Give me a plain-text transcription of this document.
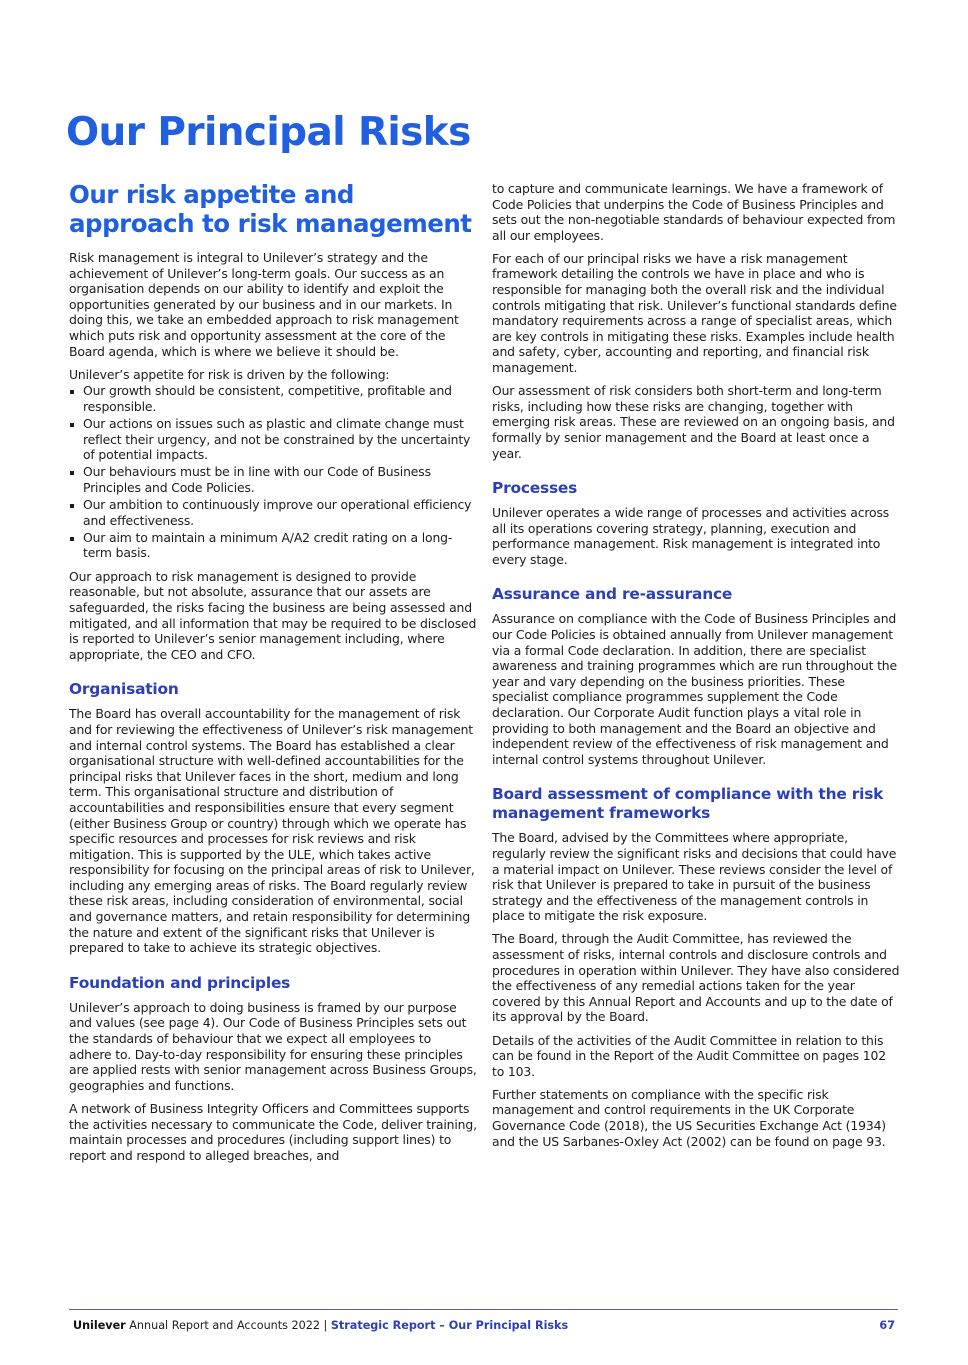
Our Principal Risks
Our risk appetite and approach to risk management

Risk management is integral to Unilever’s strategy and the achievement of Unilever’s long-term goals. Our success as an organisation depends on our ability to identify and exploit the opportunities generated by our business and in our markets. In doing this, we take an embedded approach to risk management which puts risk and opportunity assessment at the core of the Board agenda, which is where we believe it should be.

Unilever’s appetite for risk is driven by the following:

Our growth should be consistent, competitive, profitable and responsible.
Our actions on issues such as plastic and climate change must reflect their urgency, and not be constrained by the uncertainty of potential impacts.
Our behaviours must be in line with our Code of Business Principles and Code Policies.
Our ambition to continuously improve our operational efficiency and effectiveness.
Our aim to maintain a minimum A/A2 credit rating on a long-term basis.

Our approach to risk management is designed to provide reasonable, but not absolute, assurance that our assets are safeguarded, the risks facing the business are being assessed and mitigated, and all information that may be required to be disclosed is reported to Unilever’s senior management including, where appropriate, the CEO and CFO.

Organisation

The Board has overall accountability for the management of risk and for reviewing the effectiveness of Unilever’s risk management and internal control systems. The Board has established a clear organisational structure with well-defined accountabilities for the principal risks that Unilever faces in the short, medium and long term. This organisational structure and distribution of accountabilities and responsibilities ensure that every segment (either Business Group or country) through which we operate has specific resources and processes for risk reviews and risk mitigation. This is supported by the ULE, which takes active responsibility for focusing on the principal areas of risk to Unilever, including any emerging areas of risks. The Board regularly review these risk areas, including consideration of environmental, social and governance matters, and retain responsibility for determining the nature and extent of the significant risks that Unilever is prepared to take to achieve its strategic objectives.

Foundation and principles

Unilever’s approach to doing business is framed by our purpose and values (see page 4). Our Code of Business Principles sets out the standards of behaviour that we expect all employees to adhere to. Day-to-day responsibility for ensuring these principles are applied rests with senior management across Business Groups, geographies and functions.

A network of Business Integrity Officers and Committees supports the activities necessary to communicate the Code, deliver training, maintain processes and procedures (including support lines) to report and respond to alleged breaches, and

to capture and communicate learnings. We have a framework of Code Policies that underpins the Code of Business Principles and sets out the non-negotiable standards of behaviour expected from all our employees.

For each of our principal risks we have a risk management framework detailing the controls we have in place and who is responsible for managing both the overall risk and the individual controls mitigating that risk. Unilever’s functional standards define mandatory requirements across a range of specialist areas, which are key controls in mitigating these risks. Examples include health and safety, cyber, accounting and reporting, and financial risk management.

Our assessment of risk considers both short-term and long-term risks, including how these risks are changing, together with emerging risk areas. These are reviewed on an ongoing basis, and formally by senior management and the Board at least once a year.

Processes

Unilever operates a wide range of processes and activities across all its operations covering strategy, planning, execution and performance management. Risk management is integrated into every stage.

Assurance and re-assurance

Assurance on compliance with the Code of Business Principles and our Code Policies is obtained annually from Unilever management via a formal Code declaration. In addition, there are specialist awareness and training programmes which are run throughout the year and vary depending on the business priorities. These specialist compliance programmes supplement the Code declaration. Our Corporate Audit function plays a vital role in providing to both management and the Board an objective and independent review of the effectiveness of risk management and internal control systems throughout Unilever.

Board assessment of compliance with the risk management frameworks

The Board, advised by the Committees where appropriate, regularly review the significant risks and decisions that could have a material impact on Unilever. These reviews consider the level of risk that Unilever is prepared to take in pursuit of the business strategy and the effectiveness of the management controls in place to mitigate the risk exposure.

The Board, through the Audit Committee, has reviewed the assessment of risks, internal controls and disclosure controls and procedures in operation within Unilever. They have also considered the effectiveness of any remedial actions taken for the year covered by this Annual Report and Accounts and up to the date of its approval by the Board.

Details of the activities of the Audit Committee in relation to this can be found in the Report of the Audit Committee on pages 102 to 103.

Further statements on compliance with the specific risk management and control requirements in the UK Corporate Governance Code (2018), the US Securities Exchange Act (1934) and the US Sarbanes-Oxley Act (2002) can be found on page 93.

Unilever Annual Report and Accounts 2022 | Strategic Report – Our Principal Risks	67
